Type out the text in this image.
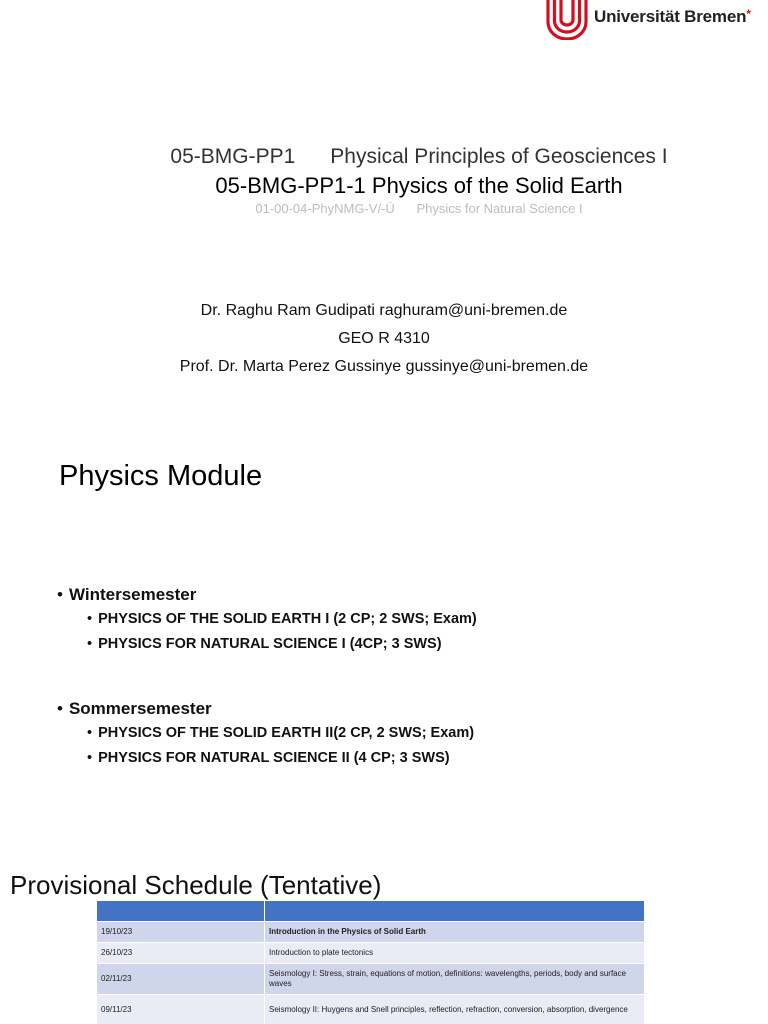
Universität Bremen*
05-BMG-PP1 Physical Principles of Geosciences I
05-BMG-PP1-1 Physics of the Solid Earth
01-00-04-PhyNMG-V/-Ü Physics for Natural Science I
Dr. Raghu Ram Gudipati raghuram@uni-bremen.de
GEO R 4310
Prof. Dr. Marta Perez Gussinye gussinye@uni-bremen.de
Physics Module
• Wintersemester
• PHYSICS OF THE SOLID EARTH I (2 CP; 2 SWS; Exam)
• PHYSICS FOR NATURAL SCIENCE I (4CP; 3 SWS)
• Sommersemester
• PHYSICS OF THE SOLID EARTH II(2 CP, 2 SWS; Exam)
• PHYSICS FOR NATURAL SCIENCE II (4 CP; 3 SWS)
Provisional Schedule (Tentative)

19/10/23	Introduction in the Physics of Solid Earth
26/10/23	Introduction to plate tectonics
02/11/23	Seismology I: Stress, strain, equations of motion, definitions: wavelengths, periods, body and surface waves
09/11/23	Seismology II: Huygens and Snell principles, reflection, refraction, conversion, absorption, divergence
